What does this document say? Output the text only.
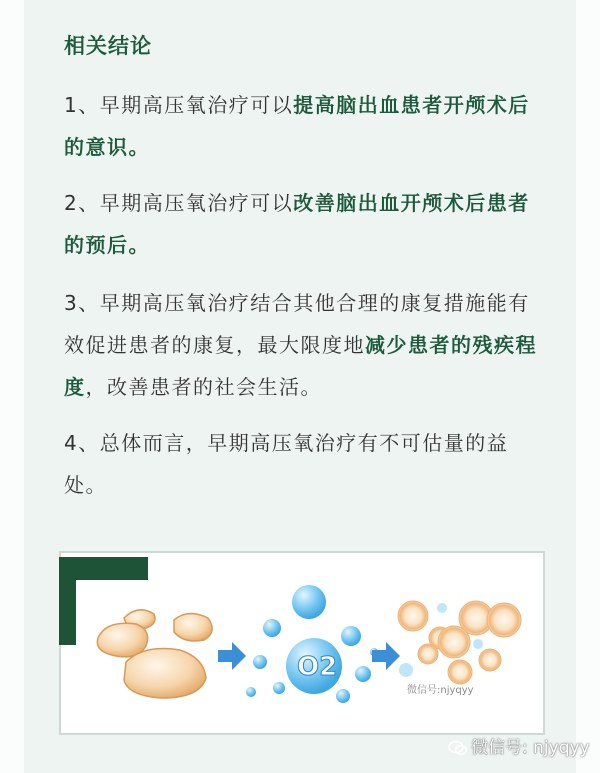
相关结论
1、早期高压氧治疗可以提高脑出血患者开颅术后的意识。
2、早期高压氧治疗可以改善脑出血开颅术后患者的预后。
3、早期高压氧治疗结合其他合理的康复措施能有效促进患者的康复，最大限度地减少患者的残疾程度，改善患者的社会生活。
4、总体而言，早期高压氧治疗有不可估量的益处。
O2
微信号:njyqyy
微信号: njyqyy
